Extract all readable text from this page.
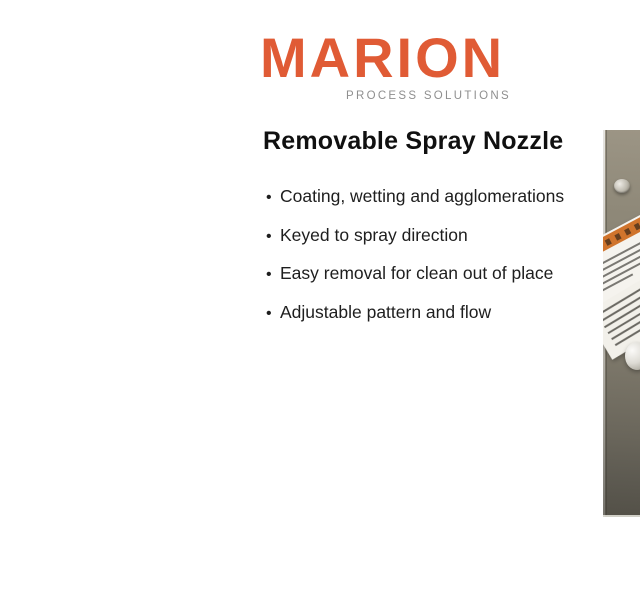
MARION
PROCESS SOLUTIONS
Removable Spray Nozzle
• Coating, wetting and agglomerations
• Keyed to spray direction
• Easy removal for clean out of place
• Adjustable pattern and flow
